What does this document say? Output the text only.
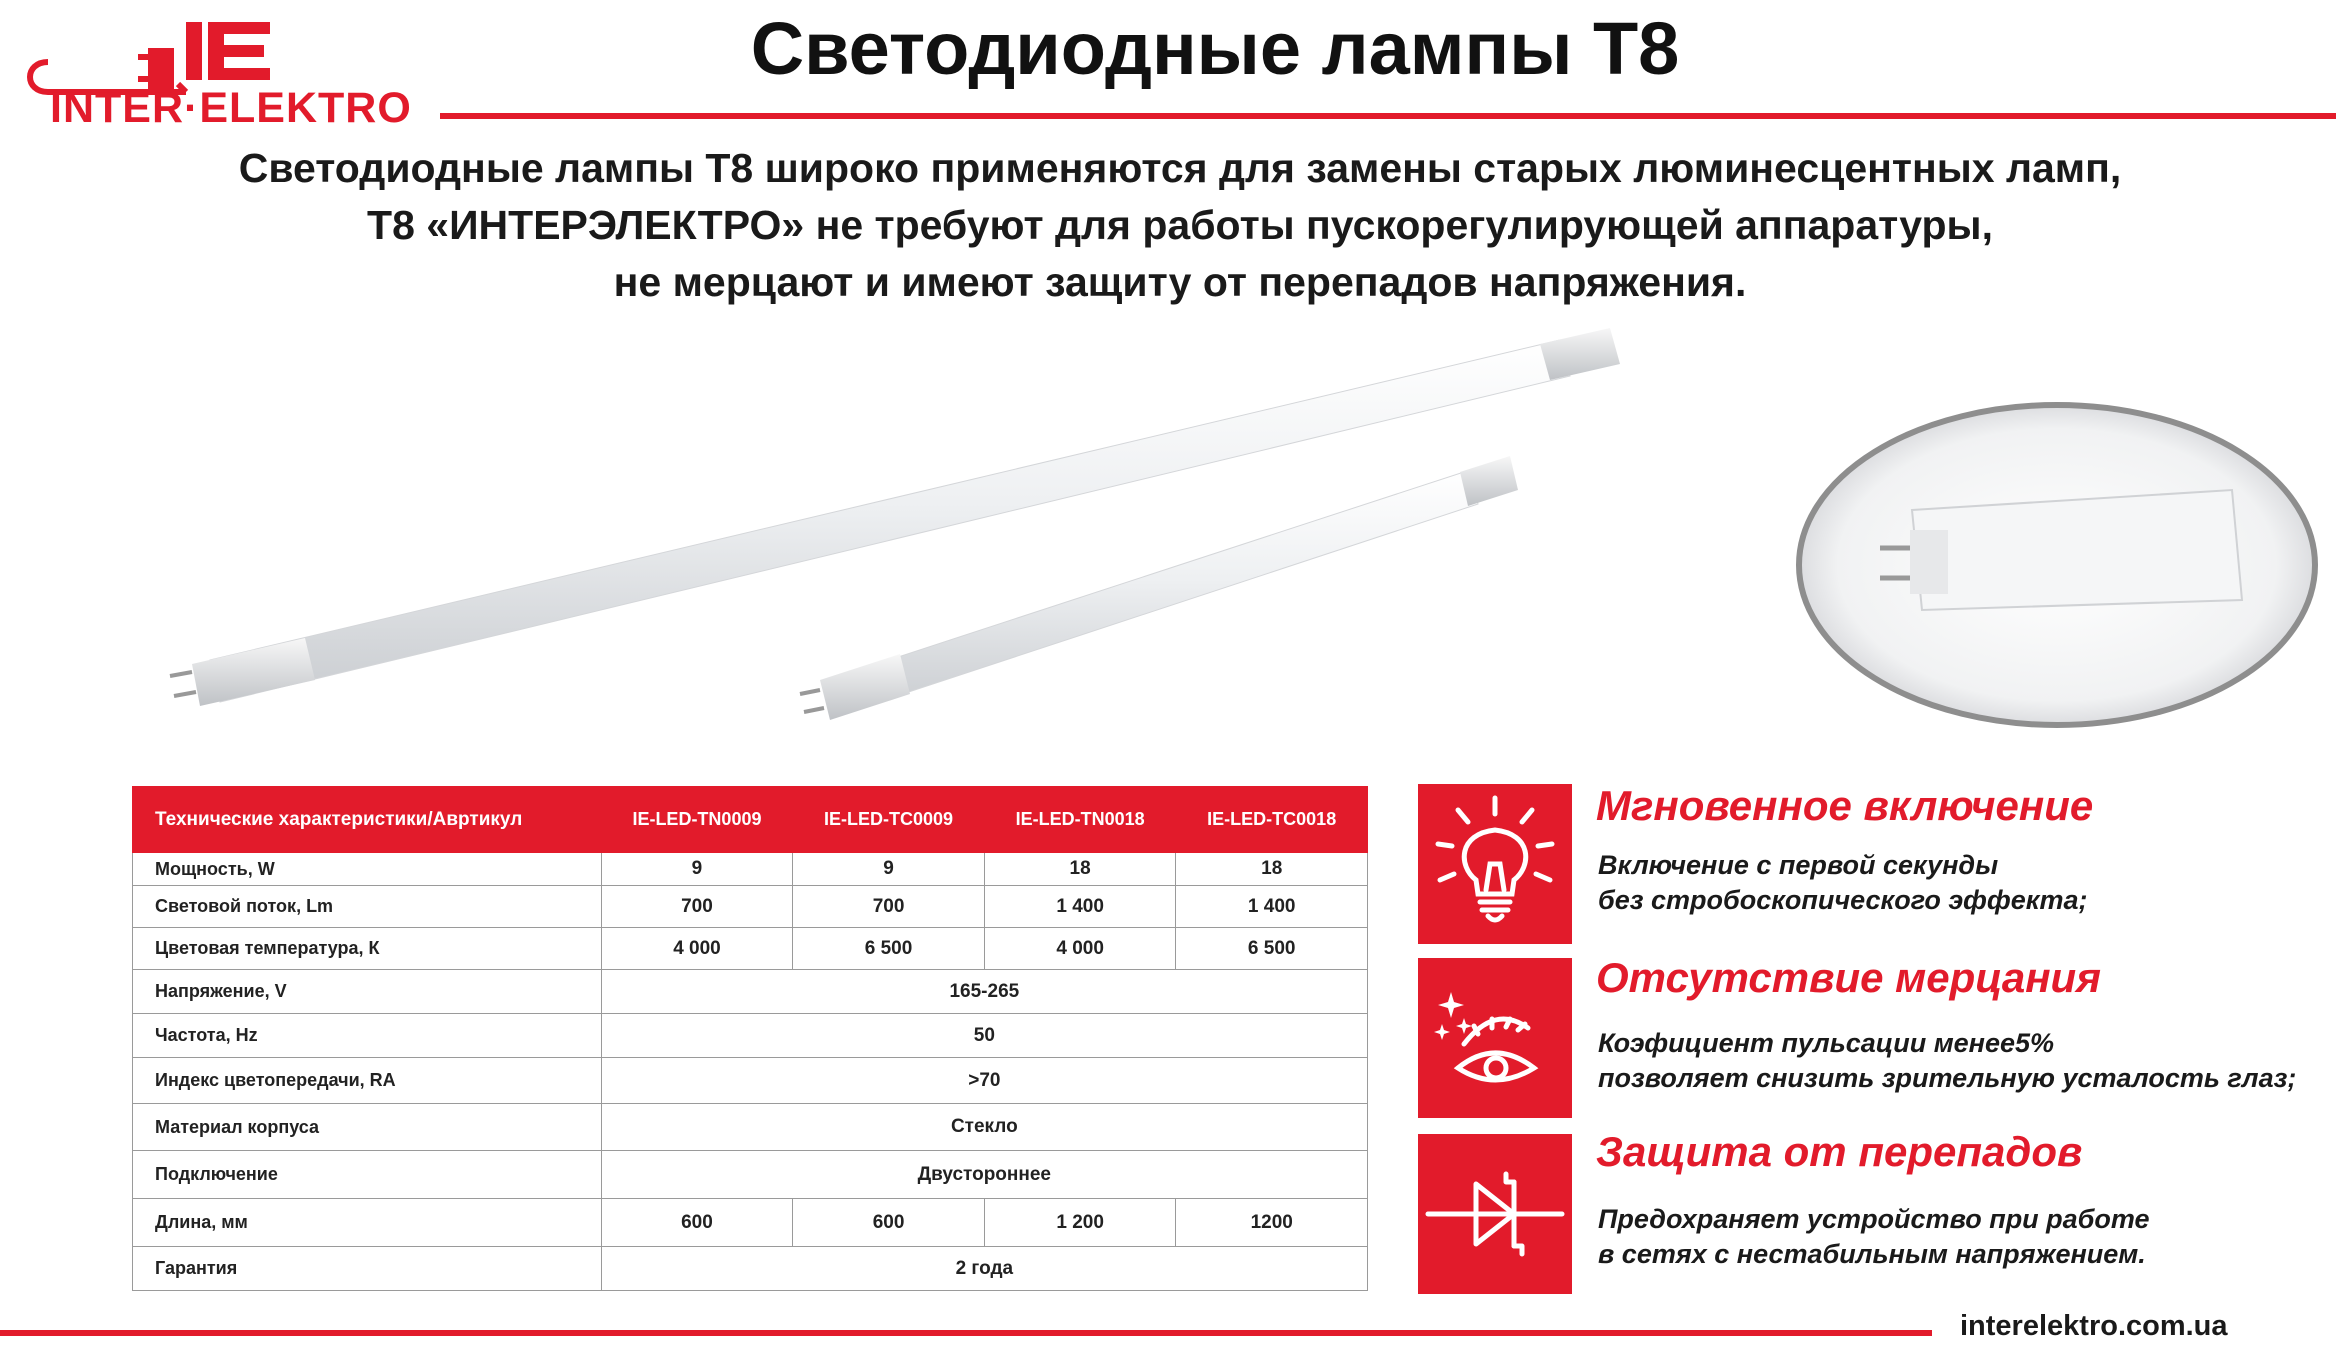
INTER·ELEKTRO
Светодиодные лампы Т8
Светодиодные лампы Т8 широко применяются для замены старых люминесцентных ламп,
Т8 «ИНТЕРЭЛЕКТРО» не требуют для работы пускорегулирующей аппаратуры,
не мерцают и имеют защиту от перепадов напряжения.
Технические характеристики/Авртикул	IE-LED-TN0009	IE-LED-TC0009	IE-LED-TN0018	IE-LED-TC0018
Мощность, W	9	9	18	18
Световой поток, Lm	700	700	1 400	1 400
Цветовая температура, К	4 000	6 500	4 000	6 500
Напряжение, V	165-265			
Частота, Hz	50			
Индекс цветопередачи, RA	>70			
Материал корпуса	Стекло			
Подключение	Двустороннее			
Длина, мм	600	600	1 200	1200
Гарантия	2 года			
Мгновенное включение
Включение с первой секунды
без стробоскопического эффекта;
Отсутствие мерцания
Коэфициент пульсации менее5%
позволяет снизить зрительную усталость глаз;
Защита от перепадов
Предохраняет устройство при работе
в сетях с нестабильным напряжением.
interelektro.com.ua
